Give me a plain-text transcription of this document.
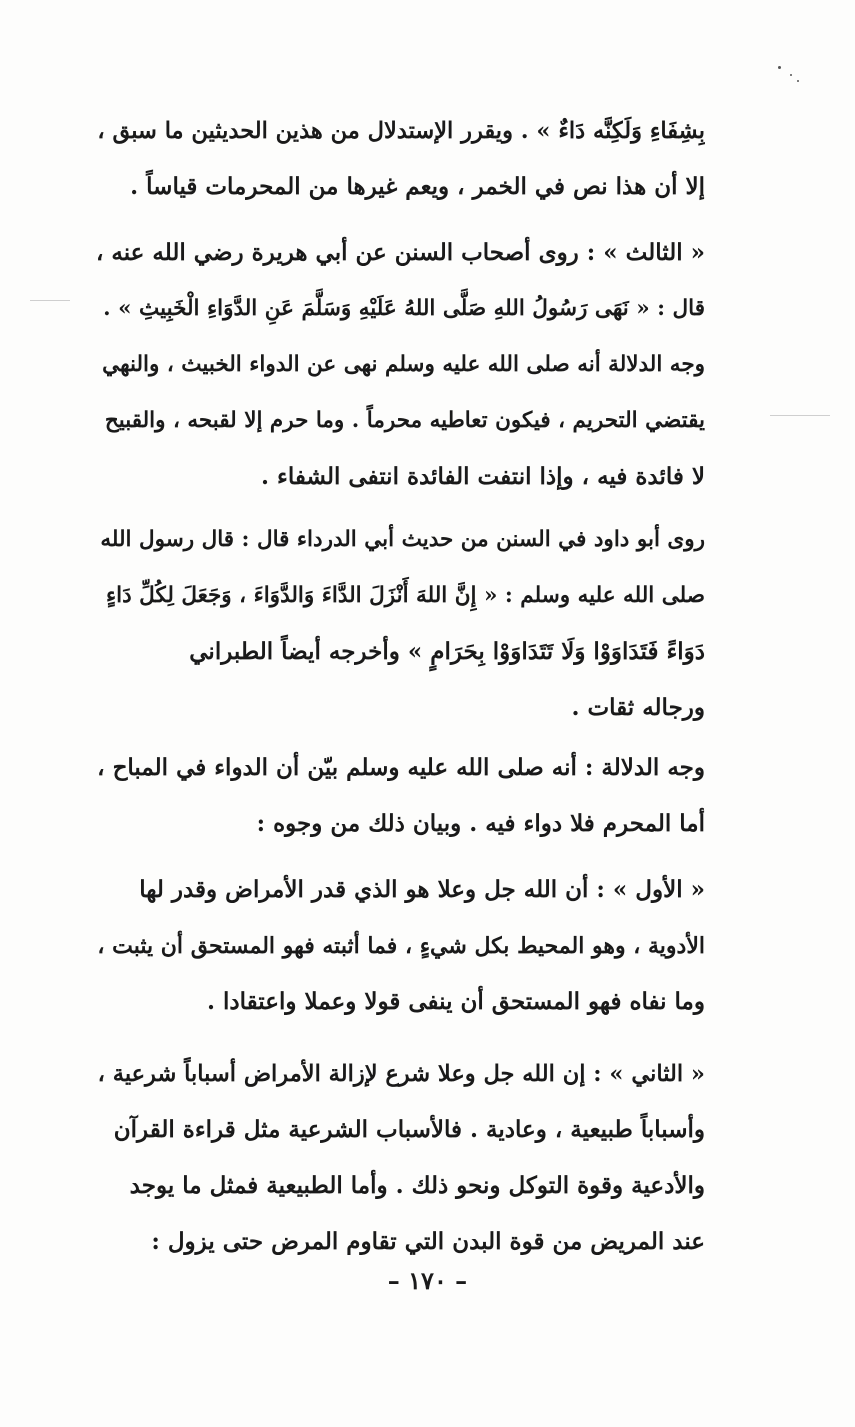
بِشِفَاءِ وَلَكِنَّه دَاءٌ » . ويقرر الإستدلال من هذين الحديثين ما سبق ،
إلا أن هذا نص في الخمر ، ويعم غيرها من المحرمات قياساً .
« الثالث » : روى أصحاب السنن عن أبي هريرة رضي الله عنه ،
قال : « نَهَى رَسُولُ اللهِ صَلَّى اللهُ عَلَيْهِ وَسَلَّمَ عَنِ الدَّوَاءِ الْخَبِيثِ » .
وجه الدلالة أنه صلى الله عليه وسلم نهى عن الدواء الخبيث ، والنهي
يقتضي التحريم ، فيكون تعاطيه محرماً . وما حرم إلا لقبحه ، والقبيح
لا فائدة فيه ، وإذا انتفت الفائدة انتفى الشفاء .
روى أبو داود في السنن من حديث أبي الدرداء قال : قال رسول الله
صلى الله عليه وسلم : « إِنَّ اللهَ أَنْزَلَ الدَّاءَ وَالدَّوَاءَ ، وَجَعَلَ لِكُلِّ دَاءٍ
دَوَاءً فَتَدَاوَوْا وَلَا تَتَدَاوَوْا بِحَرَامٍ » وأخرجه أيضاً الطبراني
ورجاله ثقات .
وجه الدلالة : أنه صلى الله عليه وسلم بيّن أن الدواء في المباح ،
أما المحرم فلا دواء فيه . وبيان ذلك من وجوه :
« الأول » : أن الله جل وعلا هو الذي قدر الأمراض وقدر لها
الأدوية ، وهو المحيط بكل شيءٍ ، فما أثبته فهو المستحق أن يثبت ،
وما نفاه فهو المستحق أن ينفى قولا وعملا واعتقادا .
« الثاني » : إن الله جل وعلا شرع لإزالة الأمراض أسباباً شرعية ،
وأسباباً طبيعية ، وعادية . فالأسباب الشرعية مثل قراءة القرآن
والأدعية وقوة التوكل ونحو ذلك . وأما الطبيعية فمثل ما يوجد
عند المريض من قوة البدن التي تقاوم المرض حتى يزول :
– ١٧٠ –
